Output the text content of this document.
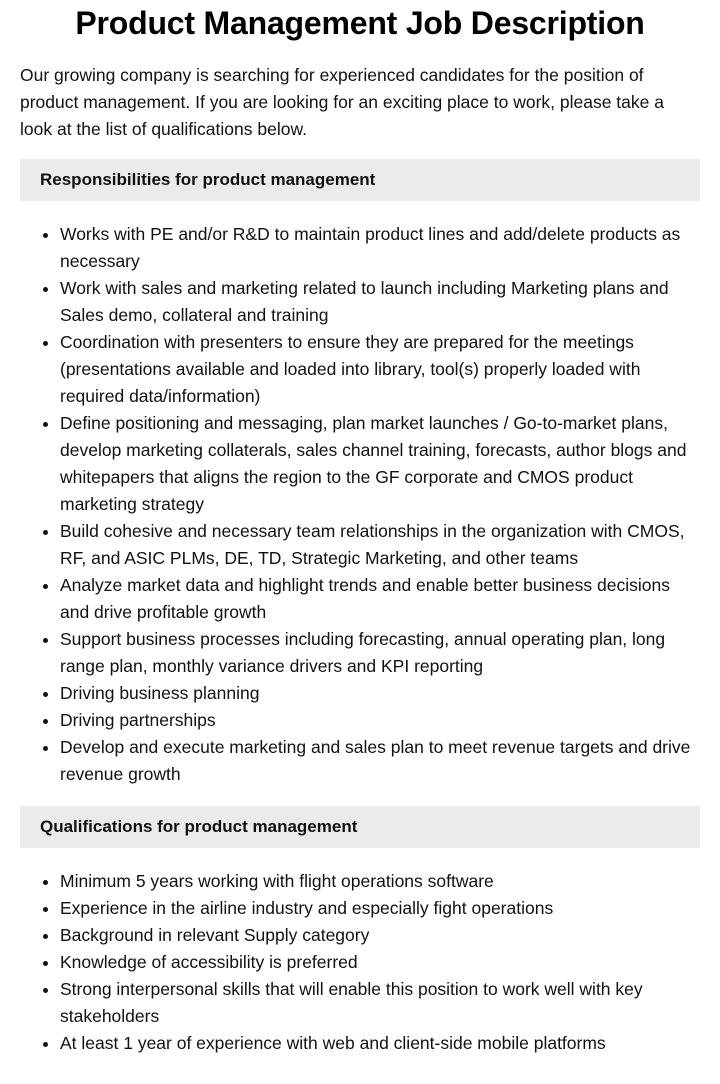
Product Management Job Description

Our growing company is searching for experienced candidates for the position of product management. If you are looking for an exciting place to work, please take a look at the list of qualifications below.

Responsibilities for product management
• Works with PE and/or R&D to maintain product lines and add/delete products as necessary
• Work with sales and marketing related to launch including Marketing plans and Sales demo, collateral and training
• Coordination with presenters to ensure they are prepared for the meetings (presentations available and loaded into library, tool(s) properly loaded with required data/information)
• Define positioning and messaging, plan market launches / Go-to-market plans, develop marketing collaterals, sales channel training, forecasts, author blogs and whitepapers that aligns the region to the GF corporate and CMOS product marketing strategy
• Build cohesive and necessary team relationships in the organization with CMOS, RF, and ASIC PLMs, DE, TD, Strategic Marketing, and other teams
• Analyze market data and highlight trends and enable better business decisions and drive profitable growth
• Support business processes including forecasting, annual operating plan, long range plan, monthly variance drivers and KPI reporting
• Driving business planning
• Driving partnerships
• Develop and execute marketing and sales plan to meet revenue targets and drive revenue growth
Qualifications for product management
• Minimum 5 years working with flight operations software
• Experience in the airline industry and especially fight operations
• Background in relevant Supply category
• Knowledge of accessibility is preferred
• Strong interpersonal skills that will enable this position to work well with key stakeholders
• At least 1 year of experience with web and client-side mobile platforms
